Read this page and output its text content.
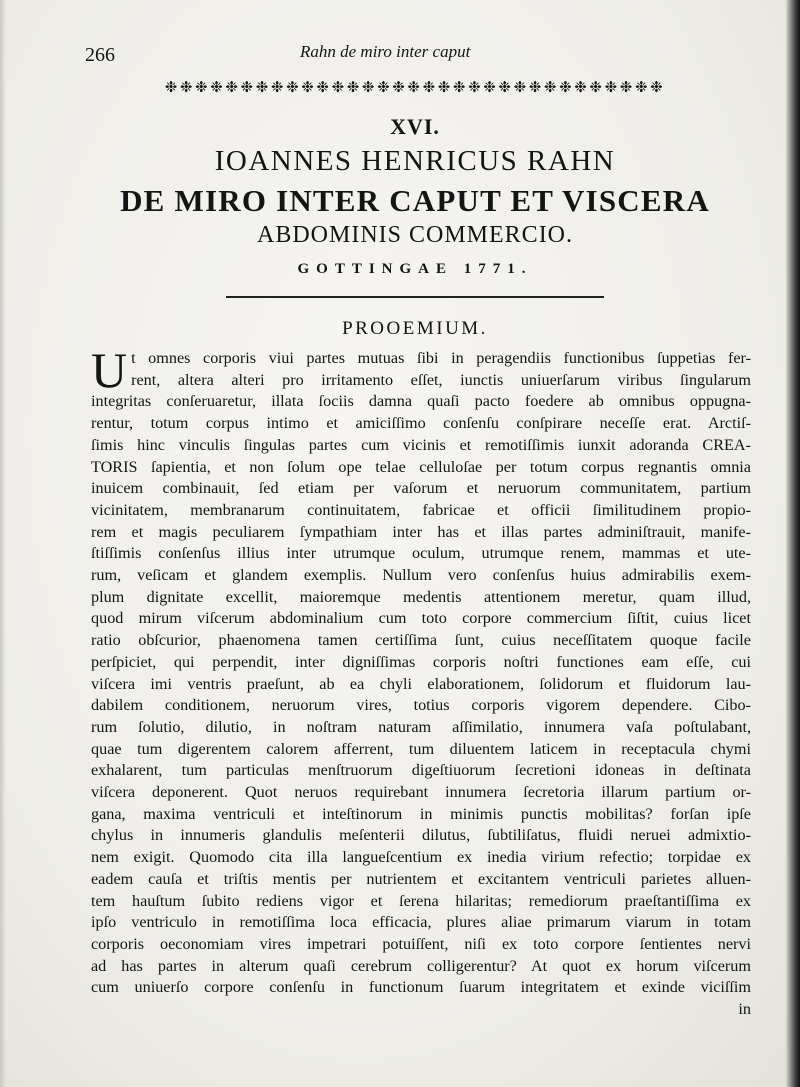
266	Rahn de miro inter caput
❉❉❉❉❉❉❉❉❉❉❉❉❉❉❉❉❉❉❉❉❉❉❉❉❉❉❉❉❉❉❉❉❉
XVI.
IOANNES HENRICUS RAHN
DE MIRO INTER CAPUT ET VISCERA
ABDOMINIS COMMERCIO.
GOTTINGAE 1771.
PROOEMIUM.
U t omnes corporis viui partes mutuas ſibi in peragendiis functionibus ſuppetias fer-
rent, altera alteri pro irritamento eſſet, iunctis uniuerſarum viribus ſingularum
integritas conſeruaretur, illata ſociis damna quaſi pacto foedere ab omnibus oppugna-
rentur, totum corpus intimo et amiciſſimo conſenſu conſpirare neceſſe erat. Arctiſ-
ſimis hinc vinculis ſingulas partes cum vicinis et remotiſſimis iunxit adoranda CREA-
TORIS ſapientia, et non ſolum ope telae celluloſae per totum corpus regnantis omnia
inuicem combinauit, ſed etiam per vaſorum et neruorum communitatem, partium
vicinitatem, membranarum continuitatem, fabricae et officii ſimilitudinem propio-
rem et magis peculiarem ſympathiam inter has et illas partes adminiſtrauit, manife-
ſtiſſimis conſenſus illius inter utrumque oculum, utrumque renem, mammas et ute-
rum, veſicam et glandem exemplis. Nullum vero conſenſus huius admirabilis exem-
plum dignitate excellit, maioremque medentis attentionem meretur, quam illud,
quod mirum viſcerum abdominalium cum toto corpore commercium ſiſtit, cuius licet
ratio obſcurior, phaenomena tamen certiſſima ſunt, cuius neceſſitatem quoque facile
perſpiciet, qui perpendit, inter digniſſimas corporis noſtri functiones eam eſſe, cui
viſcera imi ventris praeſunt, ab ea chyli elaborationem, ſolidorum et fluidorum lau-
dabilem conditionem, neruorum vires, totius corporis vigorem dependere. Cibo-
rum ſolutio, dilutio, in noſtram naturam aſſimilatio, innumera vaſa poſtulabant,
quae tum digerentem calorem afferrent, tum diluentem laticem in receptacula chymi
exhalarent, tum particulas menſtruorum digeſtiuorum ſecretioni idoneas in deſtinata
viſcera deponerent. Quot neruos requirebant innumera ſecretoria illarum partium or-
gana, maxima ventriculi et inteſtinorum in minimis punctis mobilitas? forſan ipſe
chylus in innumeris glandulis meſenterii dilutus, ſubtiliſatus, fluidi neruei admixtio-
nem exigit. Quomodo cita illa langueſcentium ex inedia virium refectio; torpidae ex
eadem cauſa et triſtis mentis per nutrientem et excitantem ventriculi parietes alluen-
tem hauſtum ſubito rediens vigor et ſerena hilaritas; remediorum praeſtantiſſima ex
ipſo ventriculo in remotiſſima loca efficacia, plures aliae primarum viarum in totam
corporis oeconomiam vires impetrari potuiſſent, niſi ex toto corpore ſentientes nervi
ad has partes in alterum quaſi cerebrum colligerentur? At quot ex horum viſcerum
cum uniuerſo corpore conſenſu in functionum ſuarum integritatem et exinde viciſſim
in
